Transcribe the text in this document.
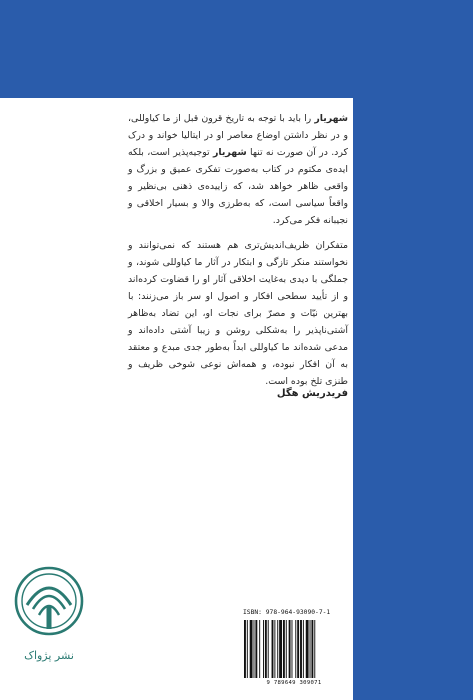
شهریار را باید با توجه به تاریخ قرون قبل از ما کیاوللی، و در نظر داشتن اوضاع معاصر او در ایتالیا خواند و درک کرد. در آن صورت نه تنها شهریار توجیه‌پذیر است، بلکه ایده‌ی مکتوم در کتاب به‌صورت تفکری عمیق و بزرگ و واقعی ظاهر خواهد شد، که زاییده‌ی ذهنی بی‌نظیر و واقعاً سیاسی است، که به‌طرزی والا و بسیار اخلاقی و نجیبانه فکر می‌کرد.

متفکران ظریف‌اندیش‌تری هم هستند که نمی‌توانند و نخواستند منکر تازگی و ابتکار در آثار ما کیاوللی شوند، و جملگی با دیدی به‌غایت اخلاقی آثار او را قضاوت کرده‌اند و از تأیید سطحی افکار و اصول او سر باز می‌زنند: با بهترین نیّات و مصرّ برای نجات او، این تضاد به‌ظاهر آشتی‌ناپذیر را به‌شکلی روشن و زیبا آشتی داده‌اند و مدعی شده‌اند ما کیاوللی ابداً به‌طور جدی مبدع و معتقد به آن افکار نبوده، و همه‌اش نوعی شوخی ظریف و طنزی تلخ بوده است.

فریدریش هگل
نشر پژواک
ISBN: 978-964-93090-7-1
9 789649 309071
